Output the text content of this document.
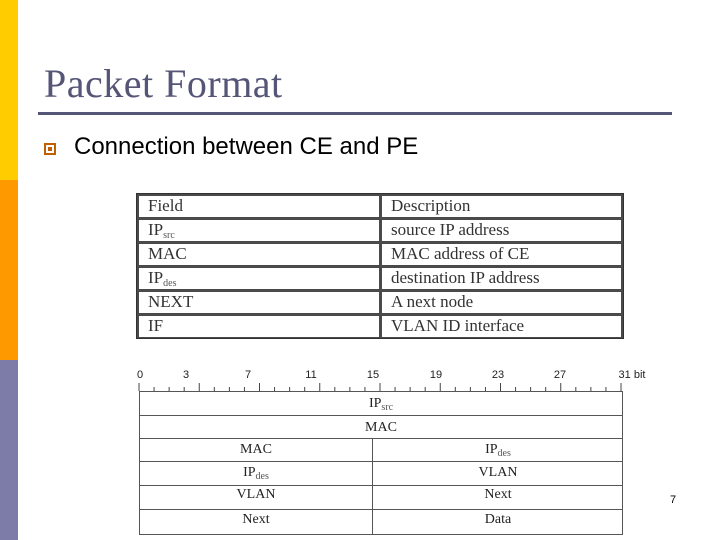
Packet Format
Connection between CE and PE
Field	Description
$IP_{src}$	source IP address
MAC	MAC address of CE
$IP_{des}$	destination IP address
NEXT	A next node
IF	VLAN ID interface
0	3	7	11	15	19	23	27	31 bit
$IP_{src}$
MAC
MAC	$IP_{des}$
$IP_{des}$	VLAN
VLAN	Next
Next	Data
7
